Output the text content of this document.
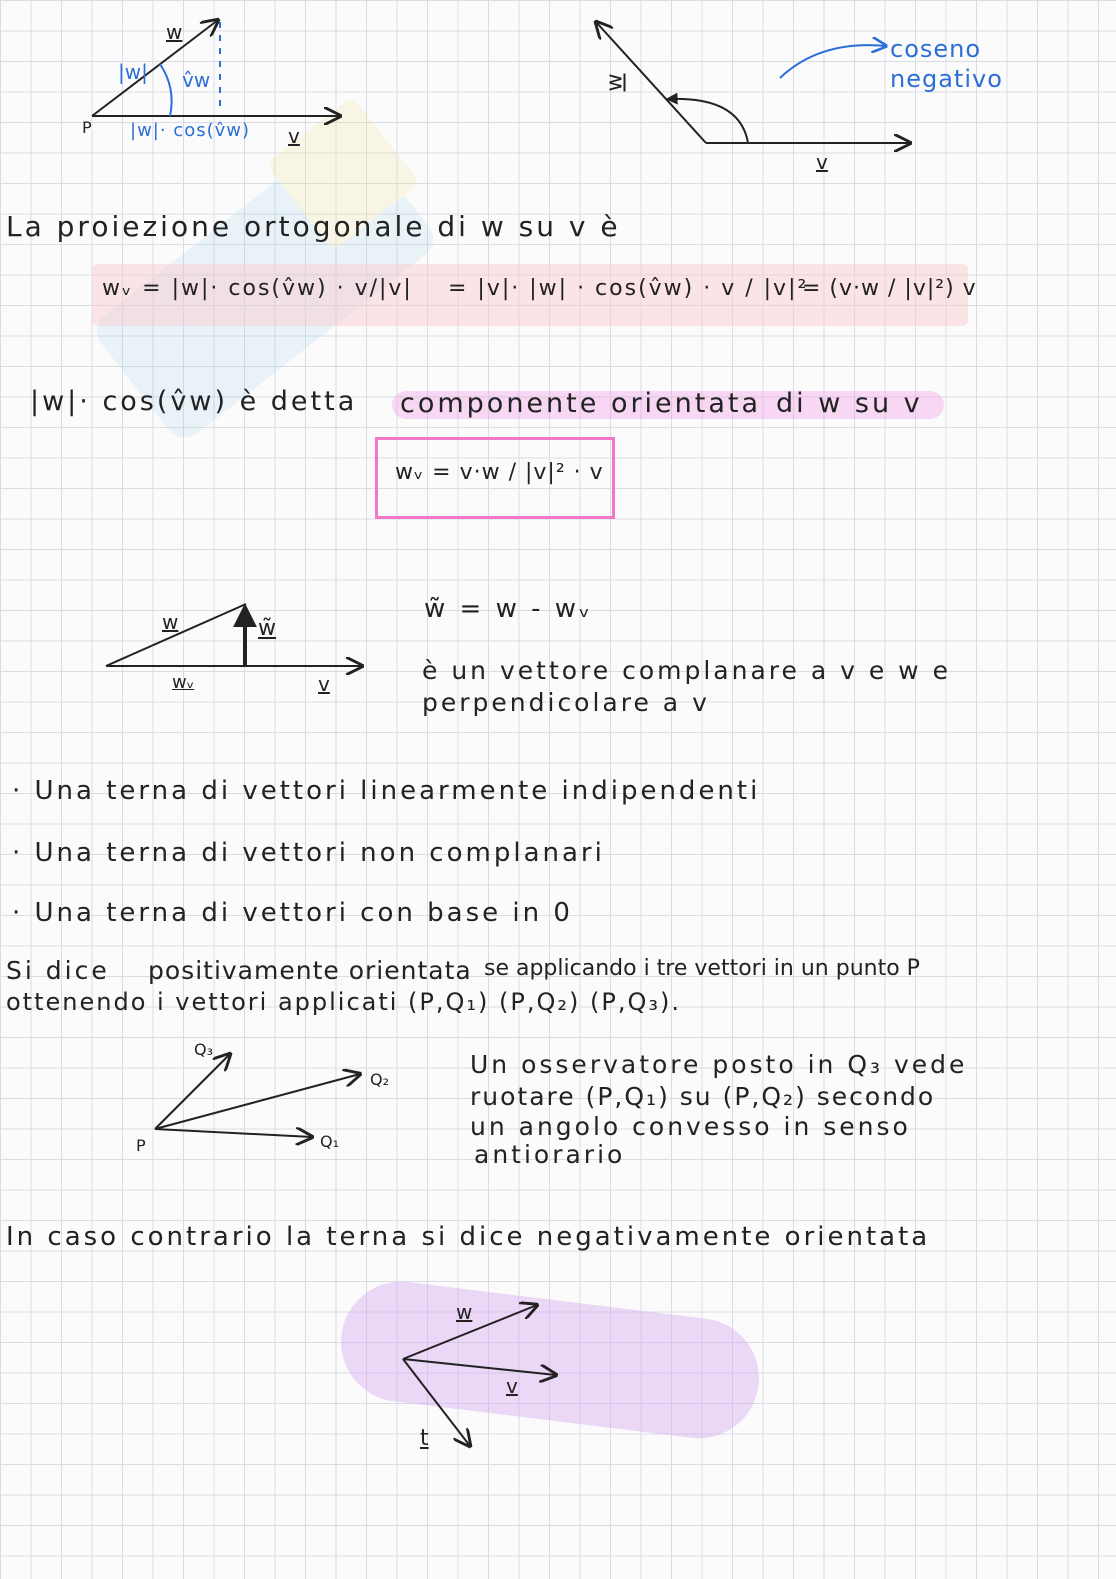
w
|w| v̂w
P |w|· cos(v̂w) v
w
v
coseno negativo
La proiezione ortogonale di w su v è
wᵥ = |w|· cos(v̂w) · v/|v| = |v|· |w| · cos(v̂w) · v / |v|²
= (v·w / |v|²) v
|w|· cos(v̂w) è detta componente orientata di w su v
wᵥ = v·w / |v|² · v
w	w̃
wᵥ	v
w̃ = w - wᵥ
è un vettore complanare a v e w e
perpendicolare a v
· Una terna di vettori linearmente indipendenti
· Una terna di vettori non complanari
· Una terna di vettori con base in 0
Si dice positivamente orientata se applicando i tre vettori in un punto P
ottenendo i vettori applicati (P,Q₁) (P,Q₂) (P,Q₃).
Q₃
Q₂
Q₁
P
Un osservatore posto in Q₃ vede
ruotare (P,Q₁) su (P,Q₂) secondo
un angolo convesso in senso
antiorario
In caso contrario la terna si dice negativamente orientata
w
v
t
